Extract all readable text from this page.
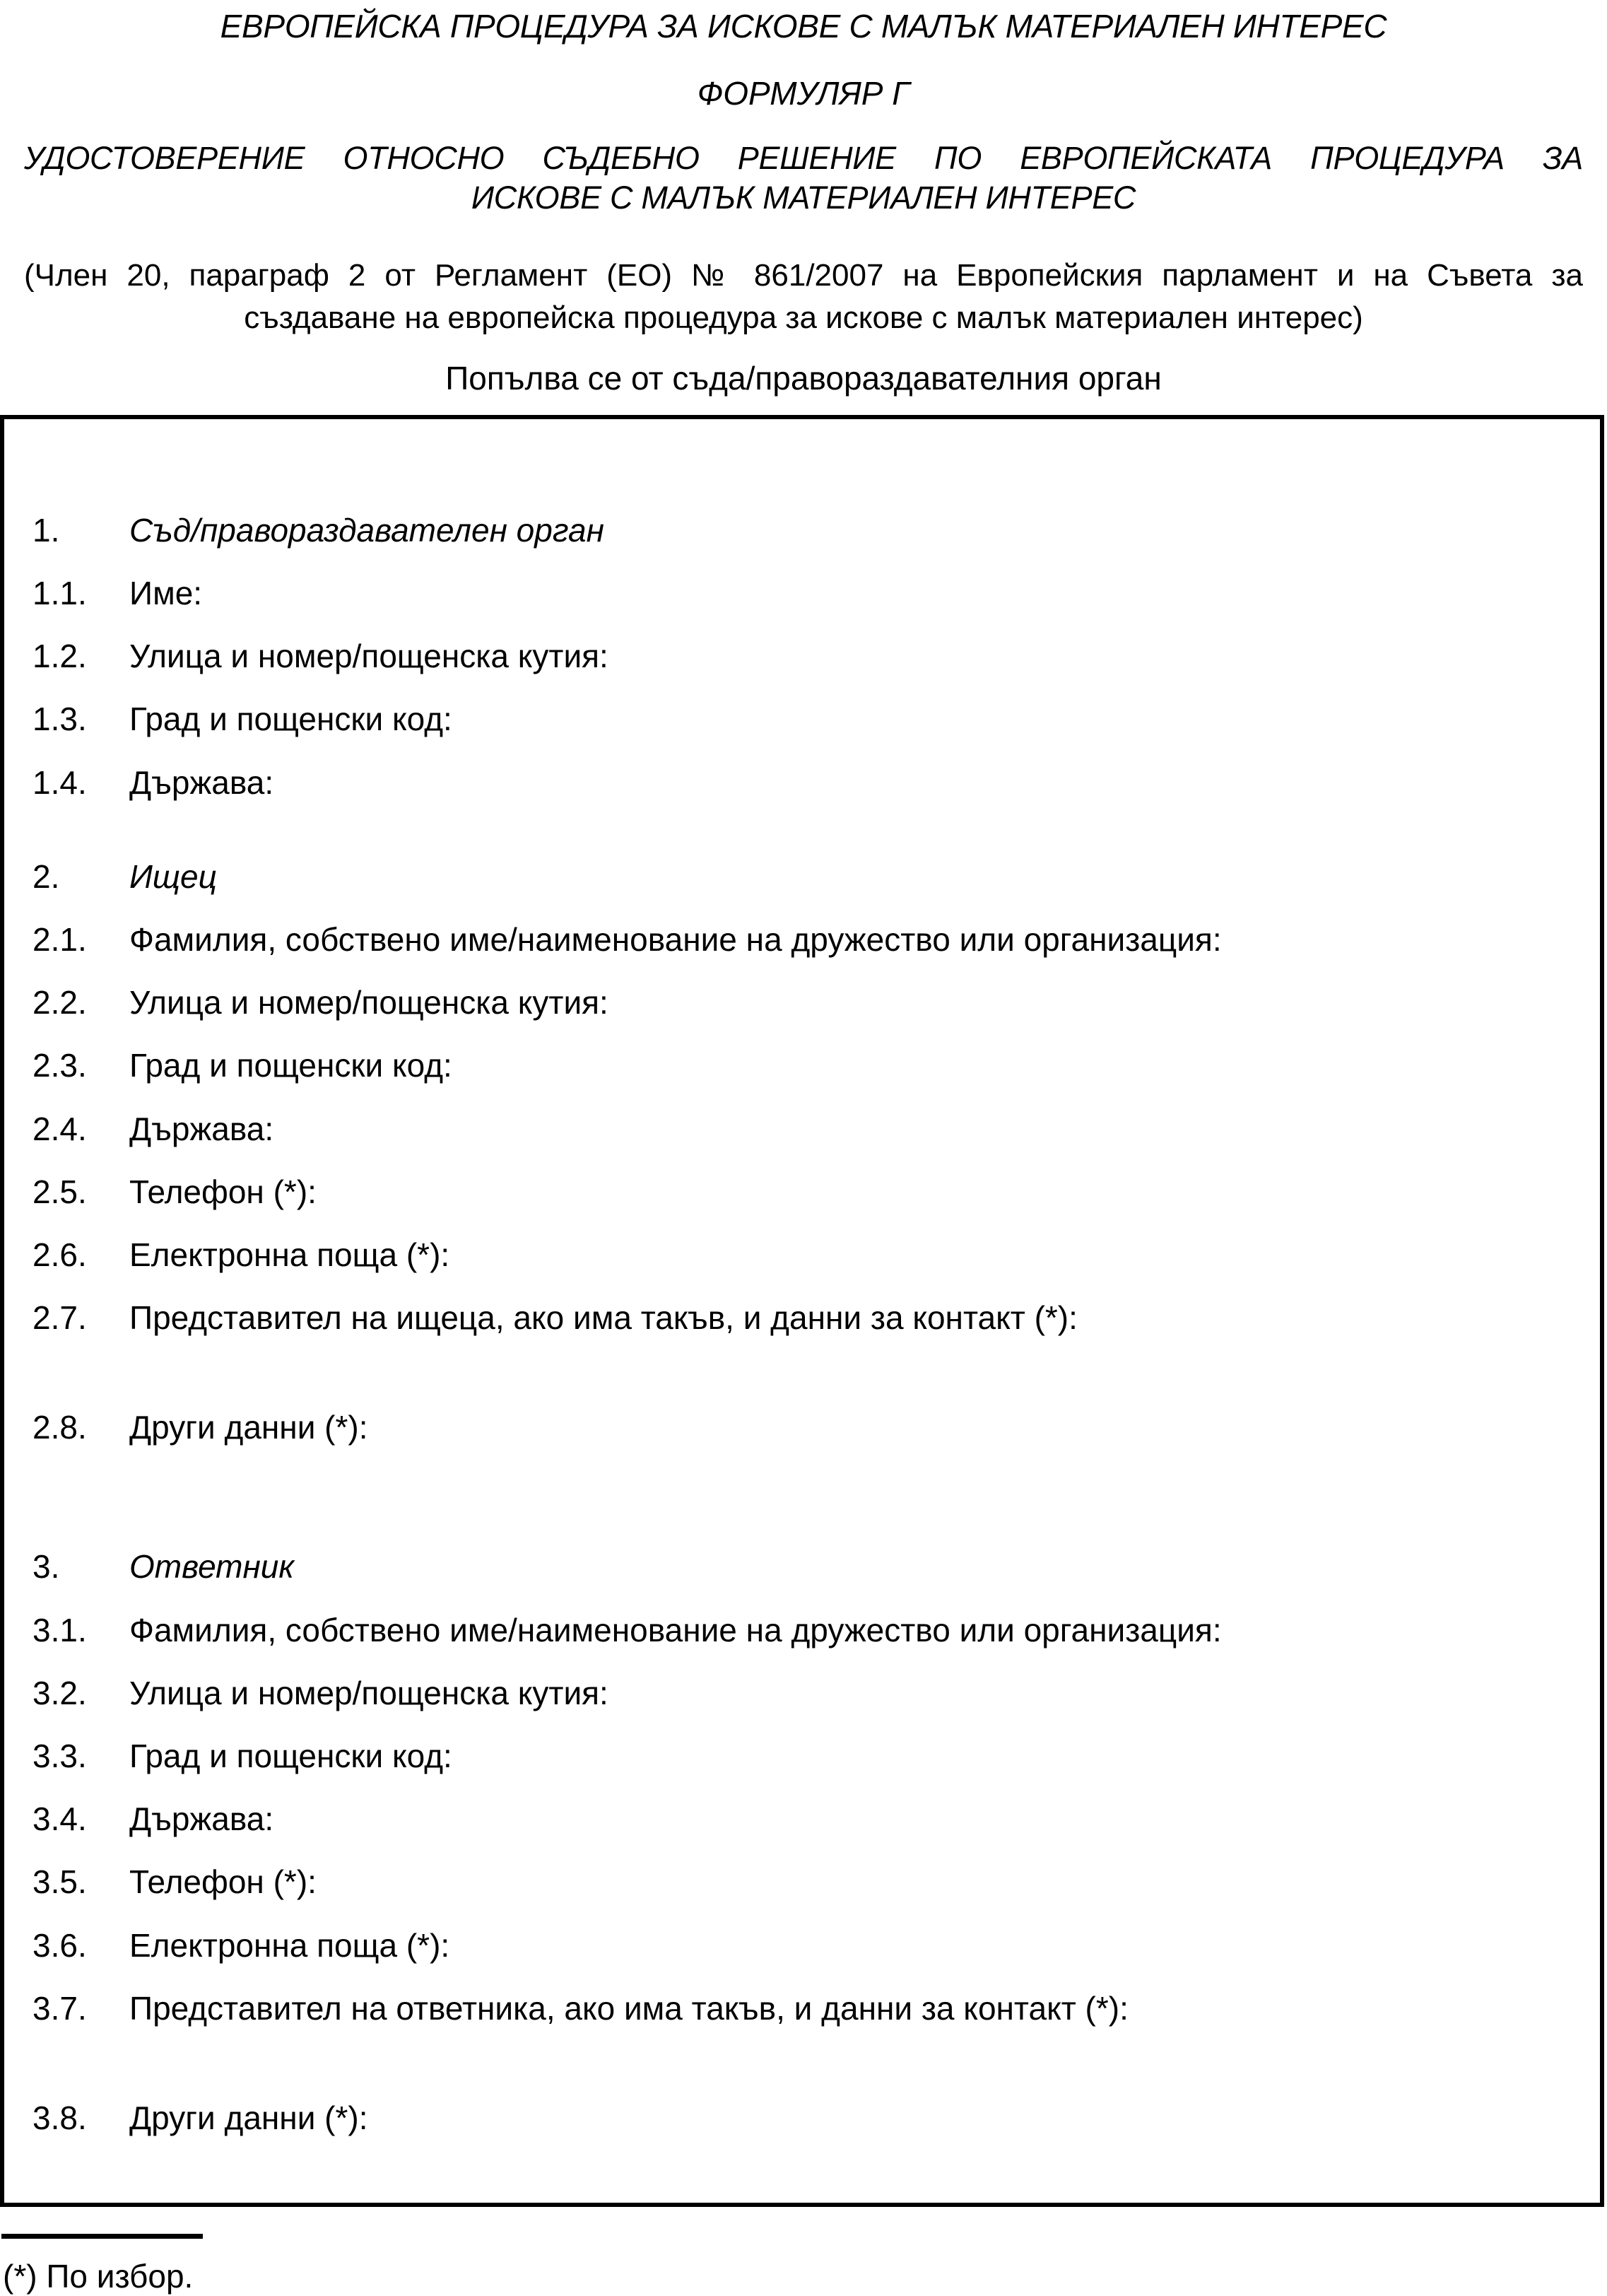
ЕВРОПЕЙСКА ПРОЦЕДУРА ЗА ИСКОВЕ С МАЛЪК МАТЕРИАЛЕН ИНТЕРЕС
ФОРМУЛЯР Г
УДОСТОВЕРЕНИЕ ОТНОСНО СЪДЕБНО РЕШЕНИЕ ПО ЕВРОПЕЙСКАТА ПРОЦЕДУРА ЗА
ИСКОВЕ С МАЛЪК МАТЕРИАЛЕН ИНТЕРЕС
(Член 20, параграф 2 от Регламент (ЕО) № 861/2007 на Европейския парламент и на Съвета за
създаване на европейска процедура за искове с малък материален интерес)
Попълва се от съда/правораздавателния орган
1.	Съд/правораздавателен орган
1.1.	Име:
1.2.	Улица и номер/пощенска кутия:
1.3.	Град и пощенски код:
1.4.	Държава:
2.	Ищец
2.1.	Фамилия, собствено име/наименование на дружество или организация:
2.2.	Улица и номер/пощенска кутия:
2.3.	Град и пощенски код:
2.4.	Държава:
2.5.	Телефон (*):
2.6.	Електронна поща (*):
2.7.	Представител на ищеца, ако има такъв, и данни за контакт (*):
2.8.	Други данни (*):
3.	Ответник
3.1.	Фамилия, собствено име/наименование на дружество или организация:
3.2.	Улица и номер/пощенска кутия:
3.3.	Град и пощенски код:
3.4.	Държава:
3.5.	Телефон (*):
3.6.	Електронна поща (*):
3.7.	Представител на ответника, ако има такъв, и данни за контакт (*):
3.8.	Други данни (*):
(*) По избор.
